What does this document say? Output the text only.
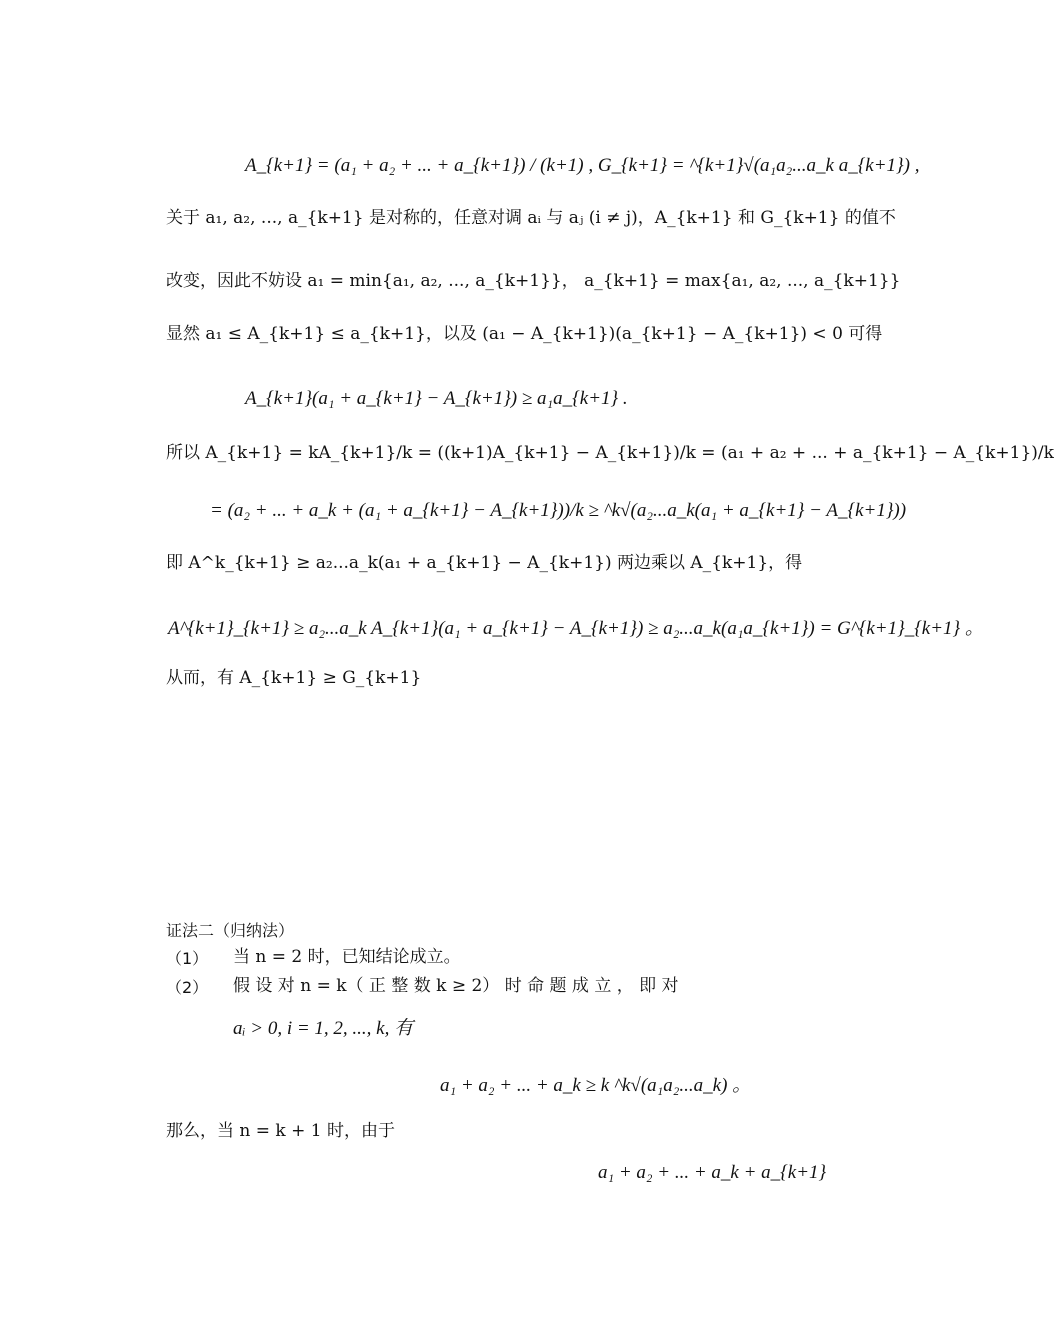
A_{k+1} = (a₁ + a₂ + ... + a_{k+1}) / (k+1) , G_{k+1} = ^{k+1}√(a₁a₂...a_k a_{k+1}) ,
关于 a₁, a₂, ..., a_{k+1} 是对称的，任意对调 aᵢ 与 aⱼ (i ≠ j)，A_{k+1} 和 G_{k+1} 的值不
改变，因此不妨设 a₁ = min{a₁, a₂, ..., a_{k+1}}， a_{k+1} = max{a₁, a₂, ..., a_{k+1}}
显然 a₁ ≤ A_{k+1} ≤ a_{k+1}，以及 (a₁ − A_{k+1})(a_{k+1} − A_{k+1}) < 0 可得
A_{k+1}(a₁ + a_{k+1} − A_{k+1}) ≥ a₁a_{k+1} .
所以 A_{k+1} = kA_{k+1}/k = ((k+1)A_{k+1} − A_{k+1})/k = (a₁ + a₂ + ... + a_{k+1} − A_{k+1})/k
= (a₂ + ... + a_k + (a₁ + a_{k+1} − A_{k+1}))/k ≥ ^k√(a₂...a_k(a₁ + a_{k+1} − A_{k+1}))
即 A^k_{k+1} ≥ a₂...a_k(a₁ + a_{k+1} − A_{k+1}) 两边乘以 A_{k+1}，得
A^{k+1}_{k+1} ≥ a₂...a_k A_{k+1}(a₁ + a_{k+1} − A_{k+1}) ≥ a₂...a_k(a₁a_{k+1}) = G^{k+1}_{k+1} 。
从而，有 A_{k+1} ≥ G_{k+1}
证法二（归纳法）
（1） 当 n = 2 时，已知结论成立。
（2） 假 设 对 n = k（ 正 整 数 k ≥ 2） 时 命 题 成 立 ， 即 对
aᵢ > 0, i = 1, 2, ..., k, 有
a₁ + a₂ + ... + a_k ≥ k ^k√(a₁a₂...a_k) 。
那么，当 n = k + 1 时，由于
a₁ + a₂ + ... + a_k + a_{k+1}
